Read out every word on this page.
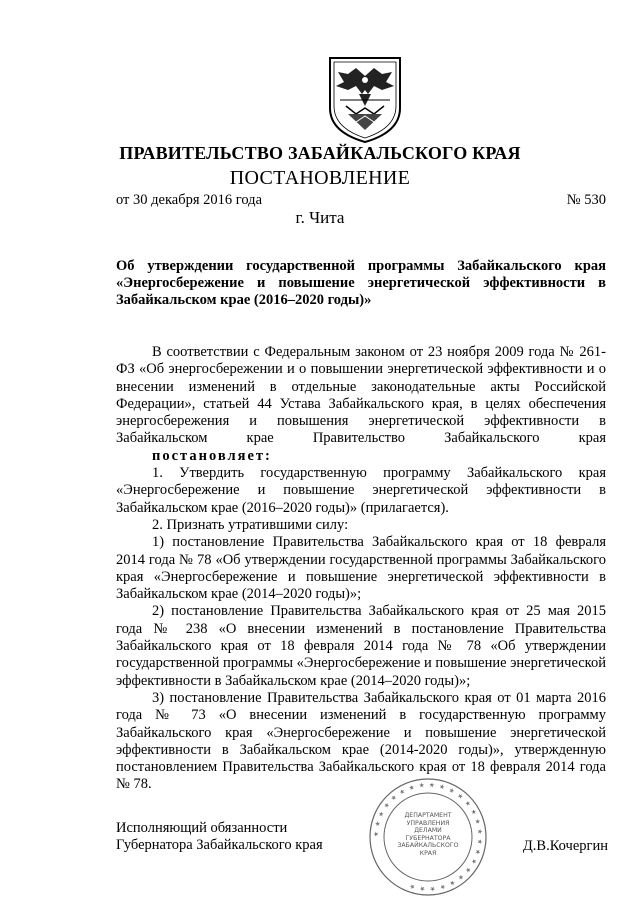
ПРАВИТЕЛЬСТВО ЗАБАЙКАЛЬСКОГО КРАЯ
ПОСТАНОВЛЕНИЕ
от 30 декабря 2016 года	№ 530
г. Чита
Об утверждении государственной программы Забайкальского края «Энергосбережение и повышение энергетической эффективности в Забайкальском крае (2016–2020 годы)»

В соответствии с Федеральным законом от 23 ноября 2009 года № 261-ФЗ «Об энергосбережении и о повышении энергетической эффективности и о внесении изменений в отдельные законодательные акты Российской Федерации», статьей 44 Устава Забайкальского края, в целях обеспечения энергосбережения и повышения энергетической эффективности в Забайкальском крае Правительство Забайкальского края

постановляет:

1. Утвердить государственную программу Забайкальского края «Энергосбережение и повышение энергетической эффективности в Забайкальском крае (2016–2020 годы)» (прилагается).

2. Признать утратившими силу:

1) постановление Правительства Забайкальского края от 18 февраля 2014 года № 78 «Об утверждении государственной программы Забайкальского края «Энергосбережение и повышение энергетической эффективности в Забайкальском крае (2014–2020 годы)»;

2) постановление Правительства Забайкальского края от 25 мая 2015 года № 238 «О внесении изменений в постановление Правительства Забайкальского края от 18 февраля 2014 года № 78 «Об утверждении государственной программы «Энергосбережение и повышение энергетической эффективности в Забайкальском крае (2014–2020 годы)»;

3) постановление Правительства Забайкальского края от 01 марта 2016 года № 73 «О внесении изменений в государственную программу Забайкальского края «Энергосбережение и повышение энергетической эффективности в Забайкальском крае (2014-2020 годы)», утвержденную постановлением Правительства Забайкальского края от 18 февраля 2014 года № 78.

★ ★ ★ ★ ★ ★ ★ ★ ★ ★ ★ ★ ★ ★ ★ ★ ★ ★ ★ ★ ★ ★ ★ ★ ★ ★
ДЕПАРТАМЕНТ УПРАВЛЕНИЯ ДЕЛАМИ ГУБЕРНАТОРА ЗАБАЙКАЛЬСКОГО КРАЯ
Исполняющий обязанности
Губернатора Забайкальского края	Д.В.Кочергин
